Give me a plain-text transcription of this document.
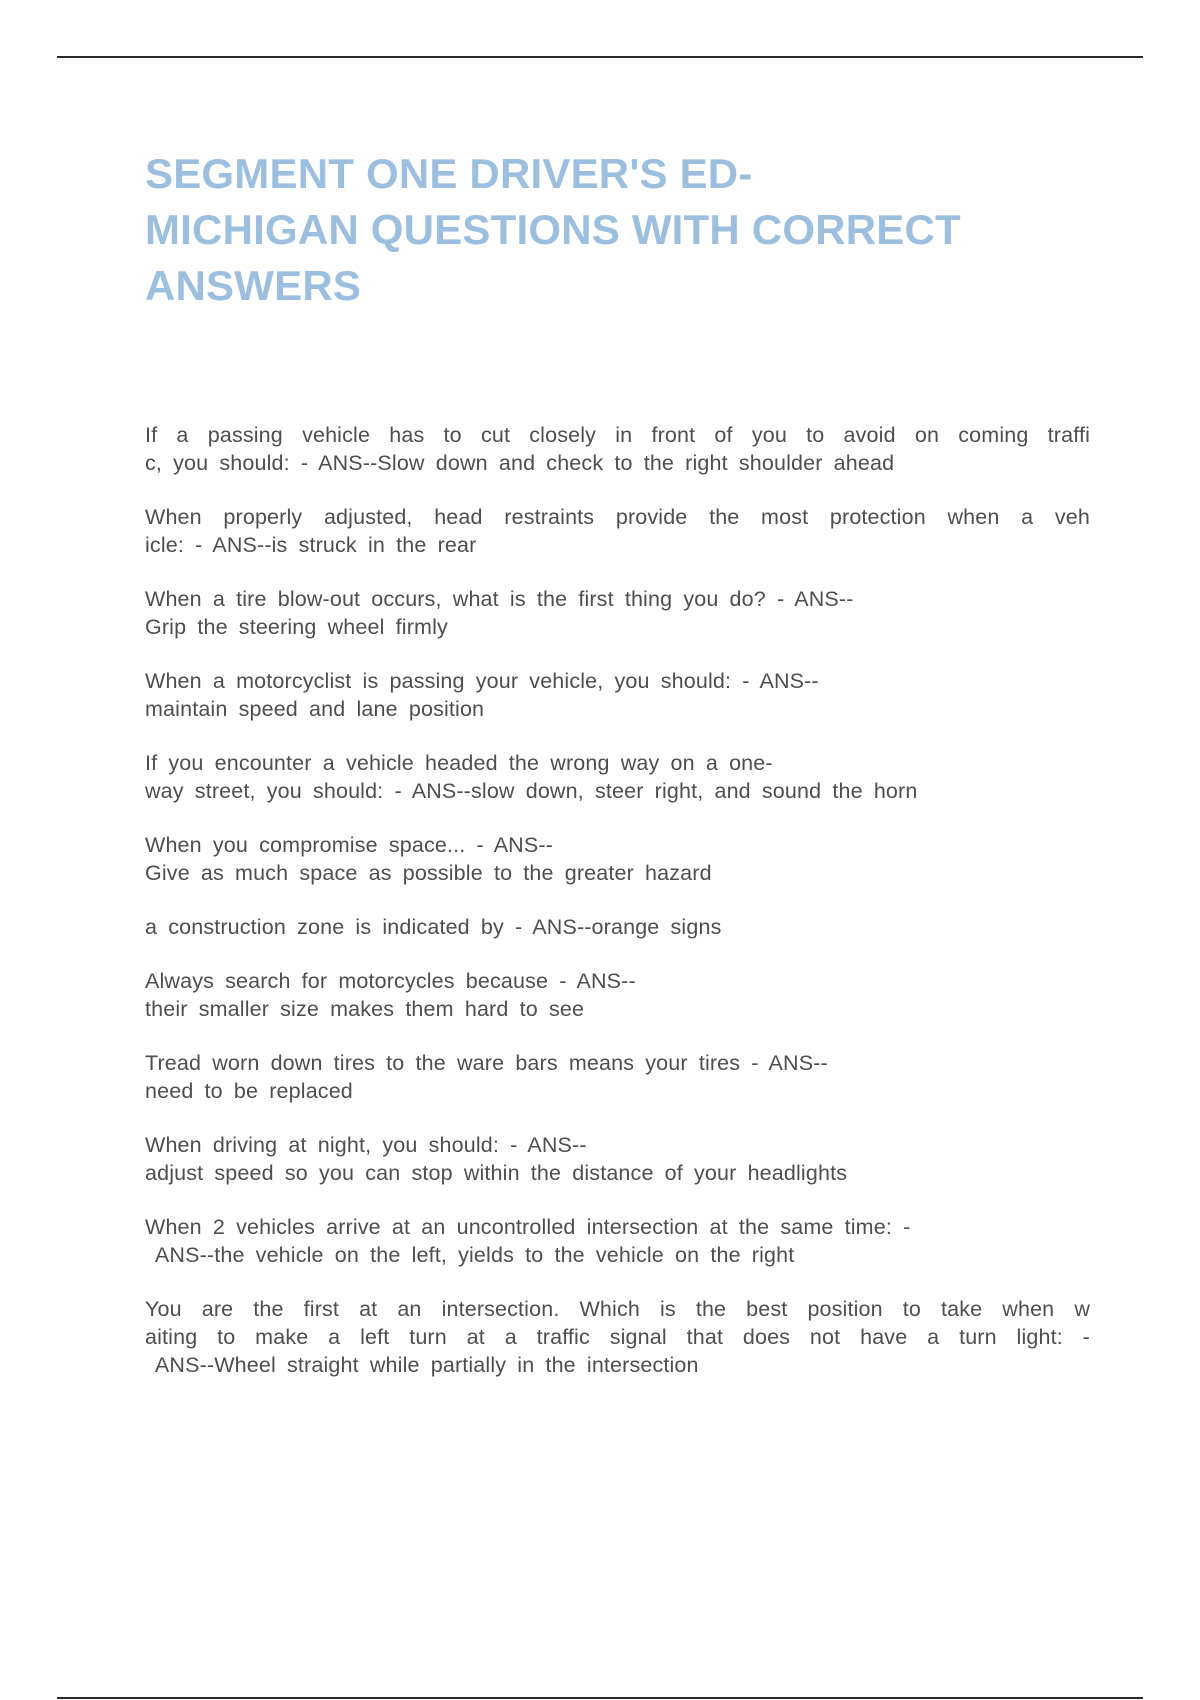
SEGMENT ONE DRIVER'S ED-
MICHIGAN QUESTIONS WITH CORRECT
ANSWERS
If a passing vehicle has to cut closely in front of you to avoid on coming traffi
c, you should: - ANS--Slow down and check to the right shoulder ahead
When properly adjusted, head restraints provide the most protection when a veh
icle: - ANS--is struck in the rear
When a tire blow-out occurs, what is the first thing you do? - ANS--
Grip the steering wheel firmly
When a motorcyclist is passing your vehicle, you should: - ANS--
maintain speed and lane position
If you encounter a vehicle headed the wrong way on a one-
way street, you should: - ANS--slow down, steer right, and sound the horn
When you compromise space... - ANS--
Give as much space as possible to the greater hazard
a construction zone is indicated by - ANS--orange signs
Always search for motorcycles because - ANS--
their smaller size makes them hard to see
Tread worn down tires to the ware bars means your tires - ANS--
need to be replaced
When driving at night, you should: - ANS--
adjust speed so you can stop within the distance of your headlights
When 2 vehicles arrive at an uncontrolled intersection at the same time: -
ANS--the vehicle on the left, yields to the vehicle on the right
You are the first at an intersection. Which is the best position to take when w
aiting to make a left turn at a traffic signal that does not have a turn light: -
ANS--Wheel straight while partially in the intersection
